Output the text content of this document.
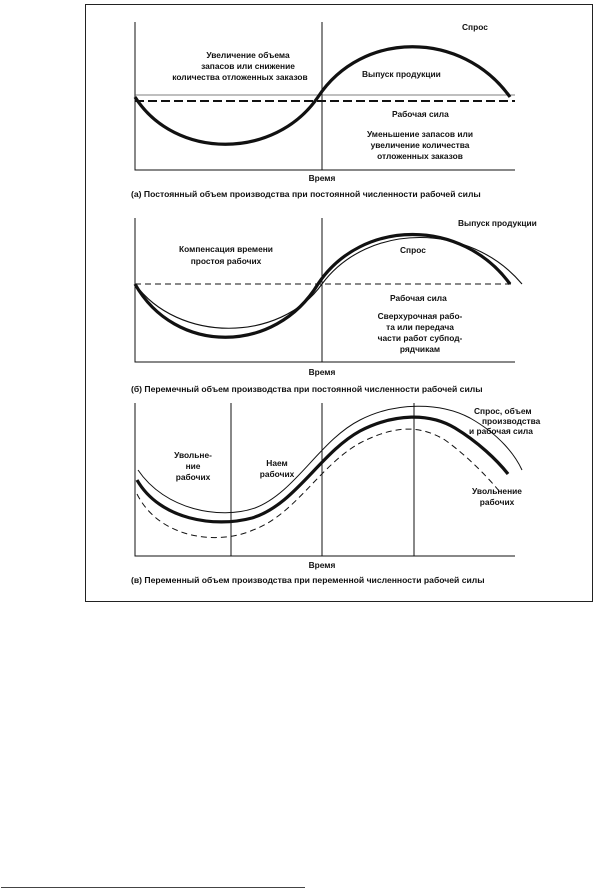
Увеличение объема
запасов или снижение
количества отложенных заказов
Спрос
Выпуск продукции
Рабочая сила
Уменьшение запасов или
увеличение количества
отложенных заказов
Время
(а) Постоянный объем производства при постоянной численности рабочей силы
Выпуск продукции
Компенсация времени
простоя рабочих
Спрос
Рабочая сила
Сверхурочная рабо-
та или передача
части работ субпод-
рядчикам
Время
(б) Перемечный объем производства при постоянной численности рабочей силы
Спрос, объем
производства
и рабочая сила
Увольне-
ние
рабочих
Наем
рабочих
Увольнение
рабочих
Время
(в) Переменный объем производства при переменной численности рабочей силы
